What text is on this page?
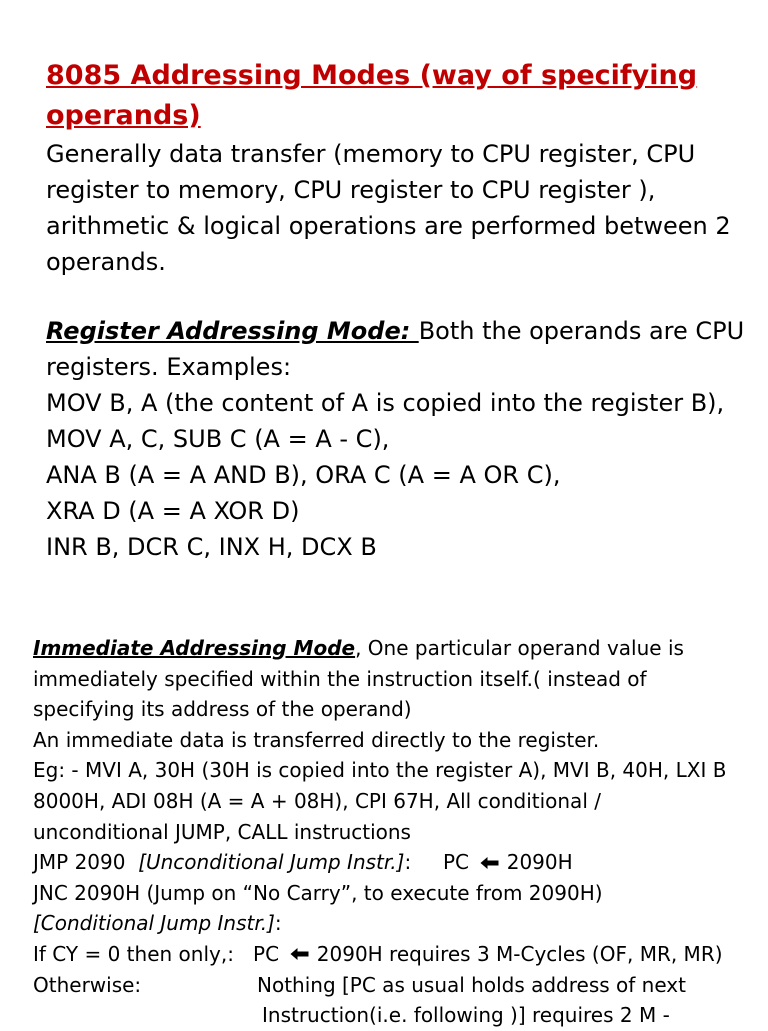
8085 Addressing Modes (way of specifying
operands)

Generally data transfer (memory to CPU register, CPU
register to memory, CPU register to CPU register ),
arithmetic & logical operations are performed between 2
operands.

Register Addressing Mode: Both the operands are CPU
registers. Examples:
MOV B, A (the content of A is copied into the register B),
MOV A, C, SUB C (A = A - C),
ANA B (A = A AND B), ORA C (A = A OR C),
XRA D (A = A XOR D)
INR B, DCR C, INX H, DCX B

Immediate Addressing Mode, One particular operand value is
immediately specified within the instruction itself.( instead of
specifying its address of the operand)
An immediate data is transferred directly to the register.
Eg: - MVI A, 30H (30H is copied into the register A), MVI B, 40H, LXI B
8000H, ADI 08H (A = A + 08H), CPI 67H, All conditional /
unconditional JUMP, CALL instructions
JMP 2090  [Unconditional Jump Instr.]:     PC  2090H
JNC 2090H (Jump on “No Carry”, to execute from 2090H)
[Conditional Jump Instr.]:
If CY = 0 then only,:   PC  2090H requires 3 M-Cycles (OF, MR, MR)
Otherwise:	Nothing [PC as usual holds address of next
Instruction(i.e. following )] requires 2 M -
